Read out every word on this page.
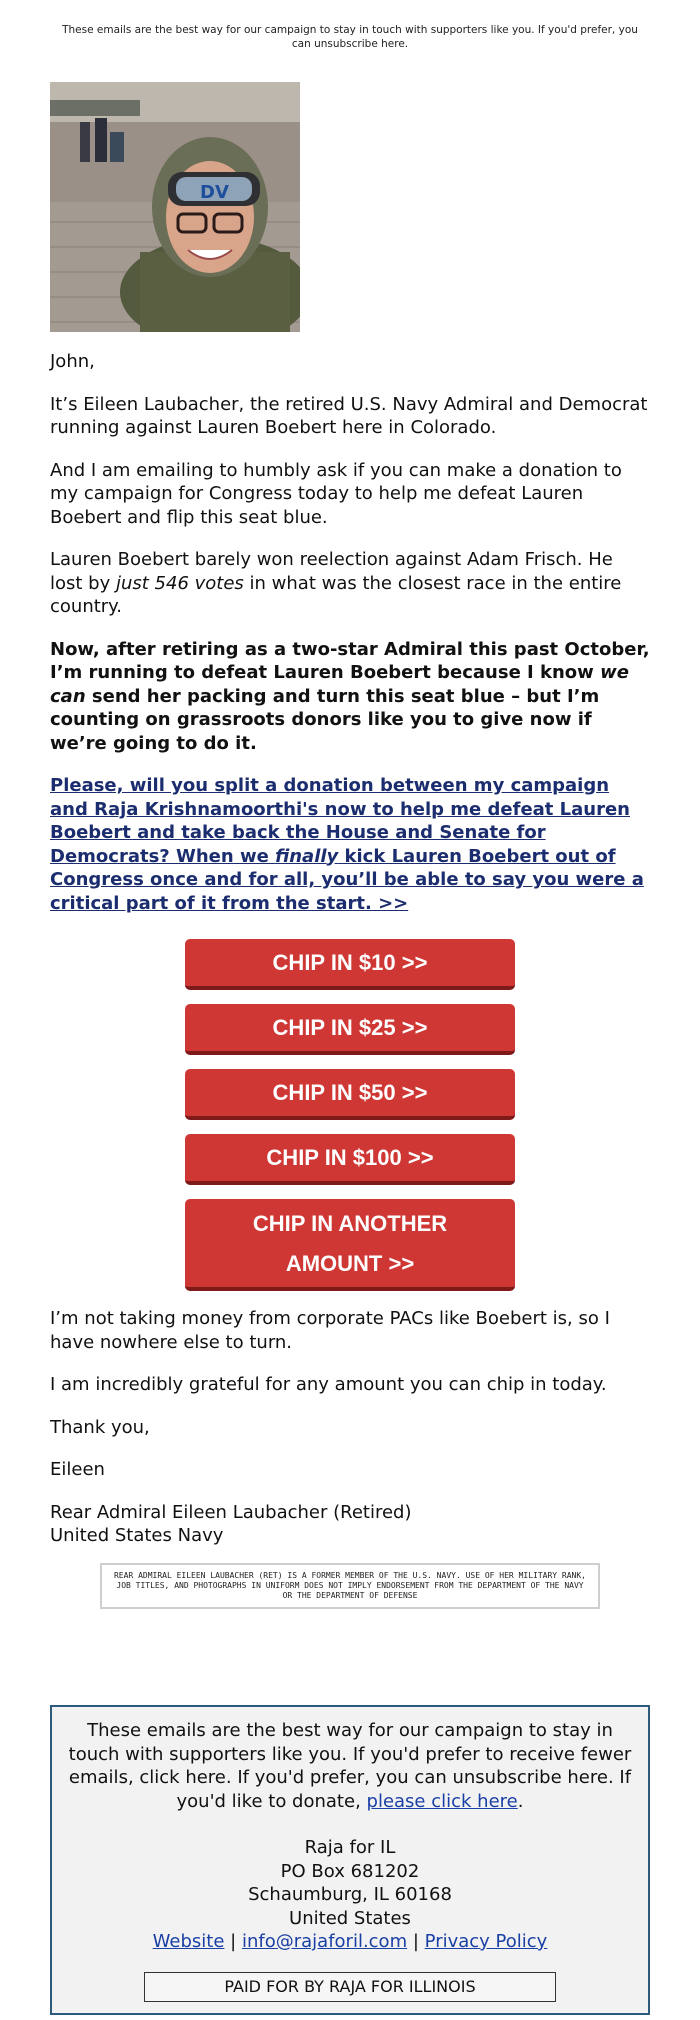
These emails are the best way for our campaign to stay in touch with supporters like you. If you'd prefer, you can unsubscribe here.
DV

John,

It’s Eileen Laubacher, the retired U.S. Navy Admiral and Democrat running against Lauren Boebert here in Colorado.

And I am emailing to humbly ask if you can make a donation to my campaign for Congress today to help me defeat Lauren Boebert and flip this seat blue.

Lauren Boebert barely won reelection against Adam Frisch. He lost by just 546 votes in what was the closest race in the entire country.

Now, after retiring as a two-star Admiral this past October, I’m running to defeat Lauren Boebert because I know we can send her packing and turn this seat blue – but I’m counting on grassroots donors like you to give now if we’re going to do it.

Please, will you split a donation between my campaign and Raja Krishnamoorthi's now to help me defeat Lauren Boebert and take back the House and Senate for Democrats? When we finally kick Lauren Boebert out of Congress once and for all, you’ll be able to say you were a critical part of it from the start. >>

CHIP IN $10 >>
CHIP IN $25 >>
CHIP IN $50 >>
CHIP IN $100 >>
CHIP IN ANOTHER
AMOUNT >>

I’m not taking money from corporate PACs like Boebert is, so I have nowhere else to turn.

I am incredibly grateful for any amount you can chip in today.

Thank you,

Eileen

Rear Admiral Eileen Laubacher (Retired)
United States Navy

REAR ADMIRAL EILEEN LAUBACHER (RET) IS A FORMER MEMBER OF THE U.S. NAVY. USE OF HER MILITARY RANK, JOB TITLES, AND PHOTOGRAPHS IN UNIFORM DOES NOT IMPLY ENDORSEMENT FROM THE DEPARTMENT OF THE NAVY OR THE DEPARTMENT OF DEFENSE

These emails are the best way for our campaign to stay in touch with supporters like you. If you'd prefer to receive fewer emails, click here. If you'd prefer, you can unsubscribe here. If you'd like to donate, please click here.

Raja for IL
PO Box 681202
Schaumburg, IL 60168
United States
Website | info@rajaforil.com | Privacy Policy

PAID FOR BY RAJA FOR ILLINOIS
